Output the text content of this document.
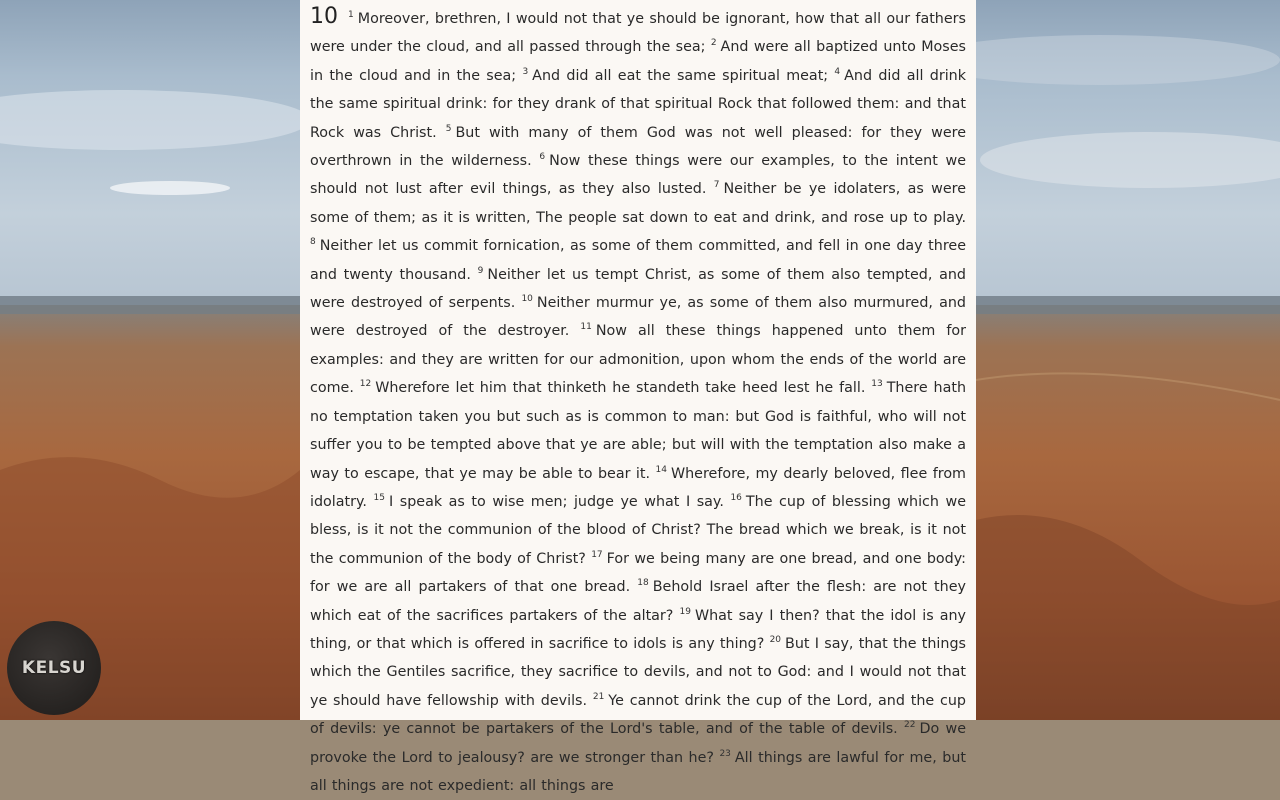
10 $^1$ Moreover, brethren, I would not that ye should be ignorant, how that all our fathers were under the cloud, and all passed through the sea; $^2$ And were all baptized unto Moses in the cloud and in the sea; $^3$ And did all eat the same spiritual meat; $^4$ And did all drink the same spiritual drink: for they drank of that spiritual Rock that followed them: and that Rock was Christ. $^5$ But with many of them God was not well pleased: for they were overthrown in the wilderness. $^6$ Now these things were our examples, to the intent we should not lust after evil things, as they also lusted. $^7$ Neither be ye idolaters, as were some of them; as it is written, The people sat down to eat and drink, and rose up to play. $^8$ Neither let us commit fornication, as some of them committed, and fell in one day three and twenty thousand. $^9$ Neither let us tempt Christ, as some of them also tempted, and were destroyed of serpents. $^{10}$ Neither murmur ye, as some of them also murmured, and were destroyed of the destroyer. $^{11}$ Now all these things happened unto them for examples: and they are written for our admonition, upon whom the ends of the world are come. $^{12}$ Wherefore let him that thinketh he standeth take heed lest he fall. $^{13}$ There hath no temptation taken you but such as is common to man: but God is faithful, who will not suffer you to be tempted above that ye are able; but will with the temptation also make a way to escape, that ye may be able to bear it. $^{14}$ Wherefore, my dearly beloved, flee from idolatry. $^{15}$ I speak as to wise men; judge ye what I say. $^{16}$ The cup of blessing which we bless, is it not the communion of the blood of Christ? The bread which we break, is it not the communion of the body of Christ? $^{17}$ For we being many are one bread, and one body: for we are all partakers of that one bread. $^{18}$ Behold Israel after the flesh: are not they which eat of the sacrifices partakers of the altar? $^{19}$ What say I then? that the idol is any thing, or that which is offered in sacrifice to idols is any thing? $^{20}$ But I say, that the things which the Gentiles sacrifice, they sacrifice to devils, and not to God: and I would not that ye should have fellowship with devils. $^{21}$ Ye cannot drink the cup of the Lord, and the cup of devils: ye cannot be partakers of the Lord's table, and of the table of devils. $^{22}$ Do we provoke the Lord to jealousy? are we stronger than he? $^{23}$ All things are lawful for me, but all things are not expedient: all things are
KELSU
